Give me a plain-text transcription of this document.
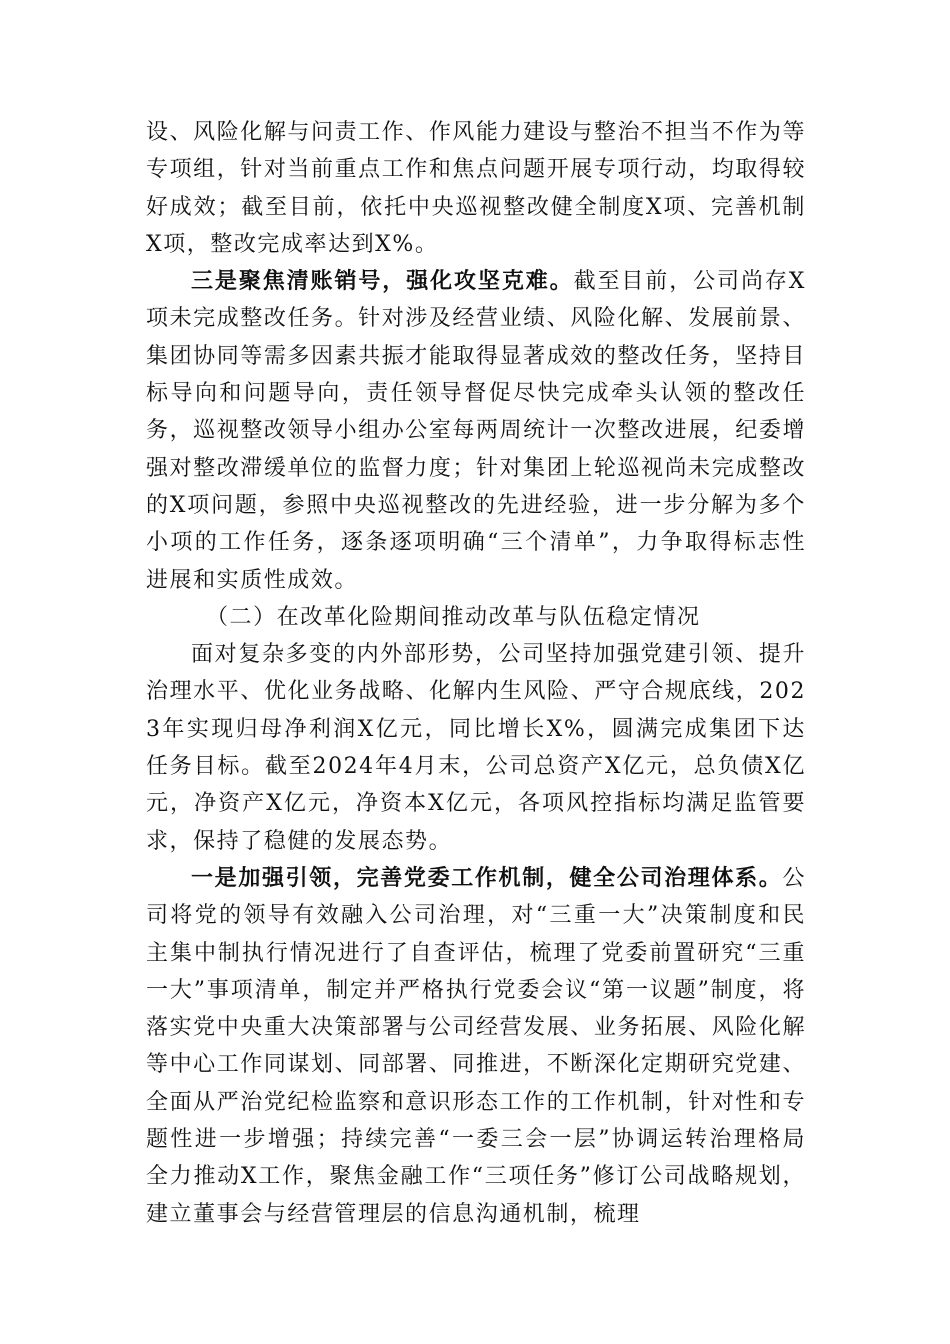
设、风险化解与问责工作、作风能力建设与整治不担当不作为等专项组，针对当前重点工作和焦点问题开展专项行动，均取得较好成效；截至目前，依托中央巡视整改健全制度X项、完善机制X项，整改完成率达到X%。

三是聚焦清账销号，强化攻坚克难。截至目前，公司尚存X项未完成整改任务。针对涉及经营业绩、风险化解、发展前景、集团协同等需多因素共振才能取得显著成效的整改任务，坚持目标导向和问题导向，责任领导督促尽快完成牵头认领的整改任务，巡视整改领导小组办公室每两周统计一次整改进展，纪委增强对整改滞缓单位的监督力度；针对集团上轮巡视尚未完成整改的X项问题，参照中央巡视整改的先进经验，进一步分解为多个小项的工作任务，逐条逐项明确“三个清单”，力争取得标志性进展和实质性成效。

（二）在改革化险期间推动改革与队伍稳定情况

面对复杂多变的内外部形势，公司坚持加强党建引领、提升治理水平、优化业务战略、化解内生风险、严守合规底线，2023年实现归母净利润X亿元，同比增长X%，圆满完成集团下达任务目标。截至2024年4月末，公司总资产X亿元，总负债X亿元，净资产X亿元，净资本X亿元，各项风控指标均满足监管要求，保持了稳健的发展态势。

一是加强引领，完善党委工作机制，健全公司治理体系。公司将党的领导有效融入公司治理，对“三重一大”决策制度和民主集中制执行情况进行了自查评估，梳理了党委前置研究“三重一大”事项清单，制定并严格执行党委会议“第一议题”制度，将落实党中央重大决策部署与公司经营发展、业务拓展、风险化解等中心工作同谋划、同部署、同推进，不断深化定期研究党建、全面从严治党纪检监察和意识形态工作的工作机制，针对性和专题性进一步增强；持续完善“一委三会一层”协调运转治理格局全力推动X工作，聚焦金融工作“三项任务”修订公司战略规划，建立董事会与经营管理层的信息沟通机制，梳理
